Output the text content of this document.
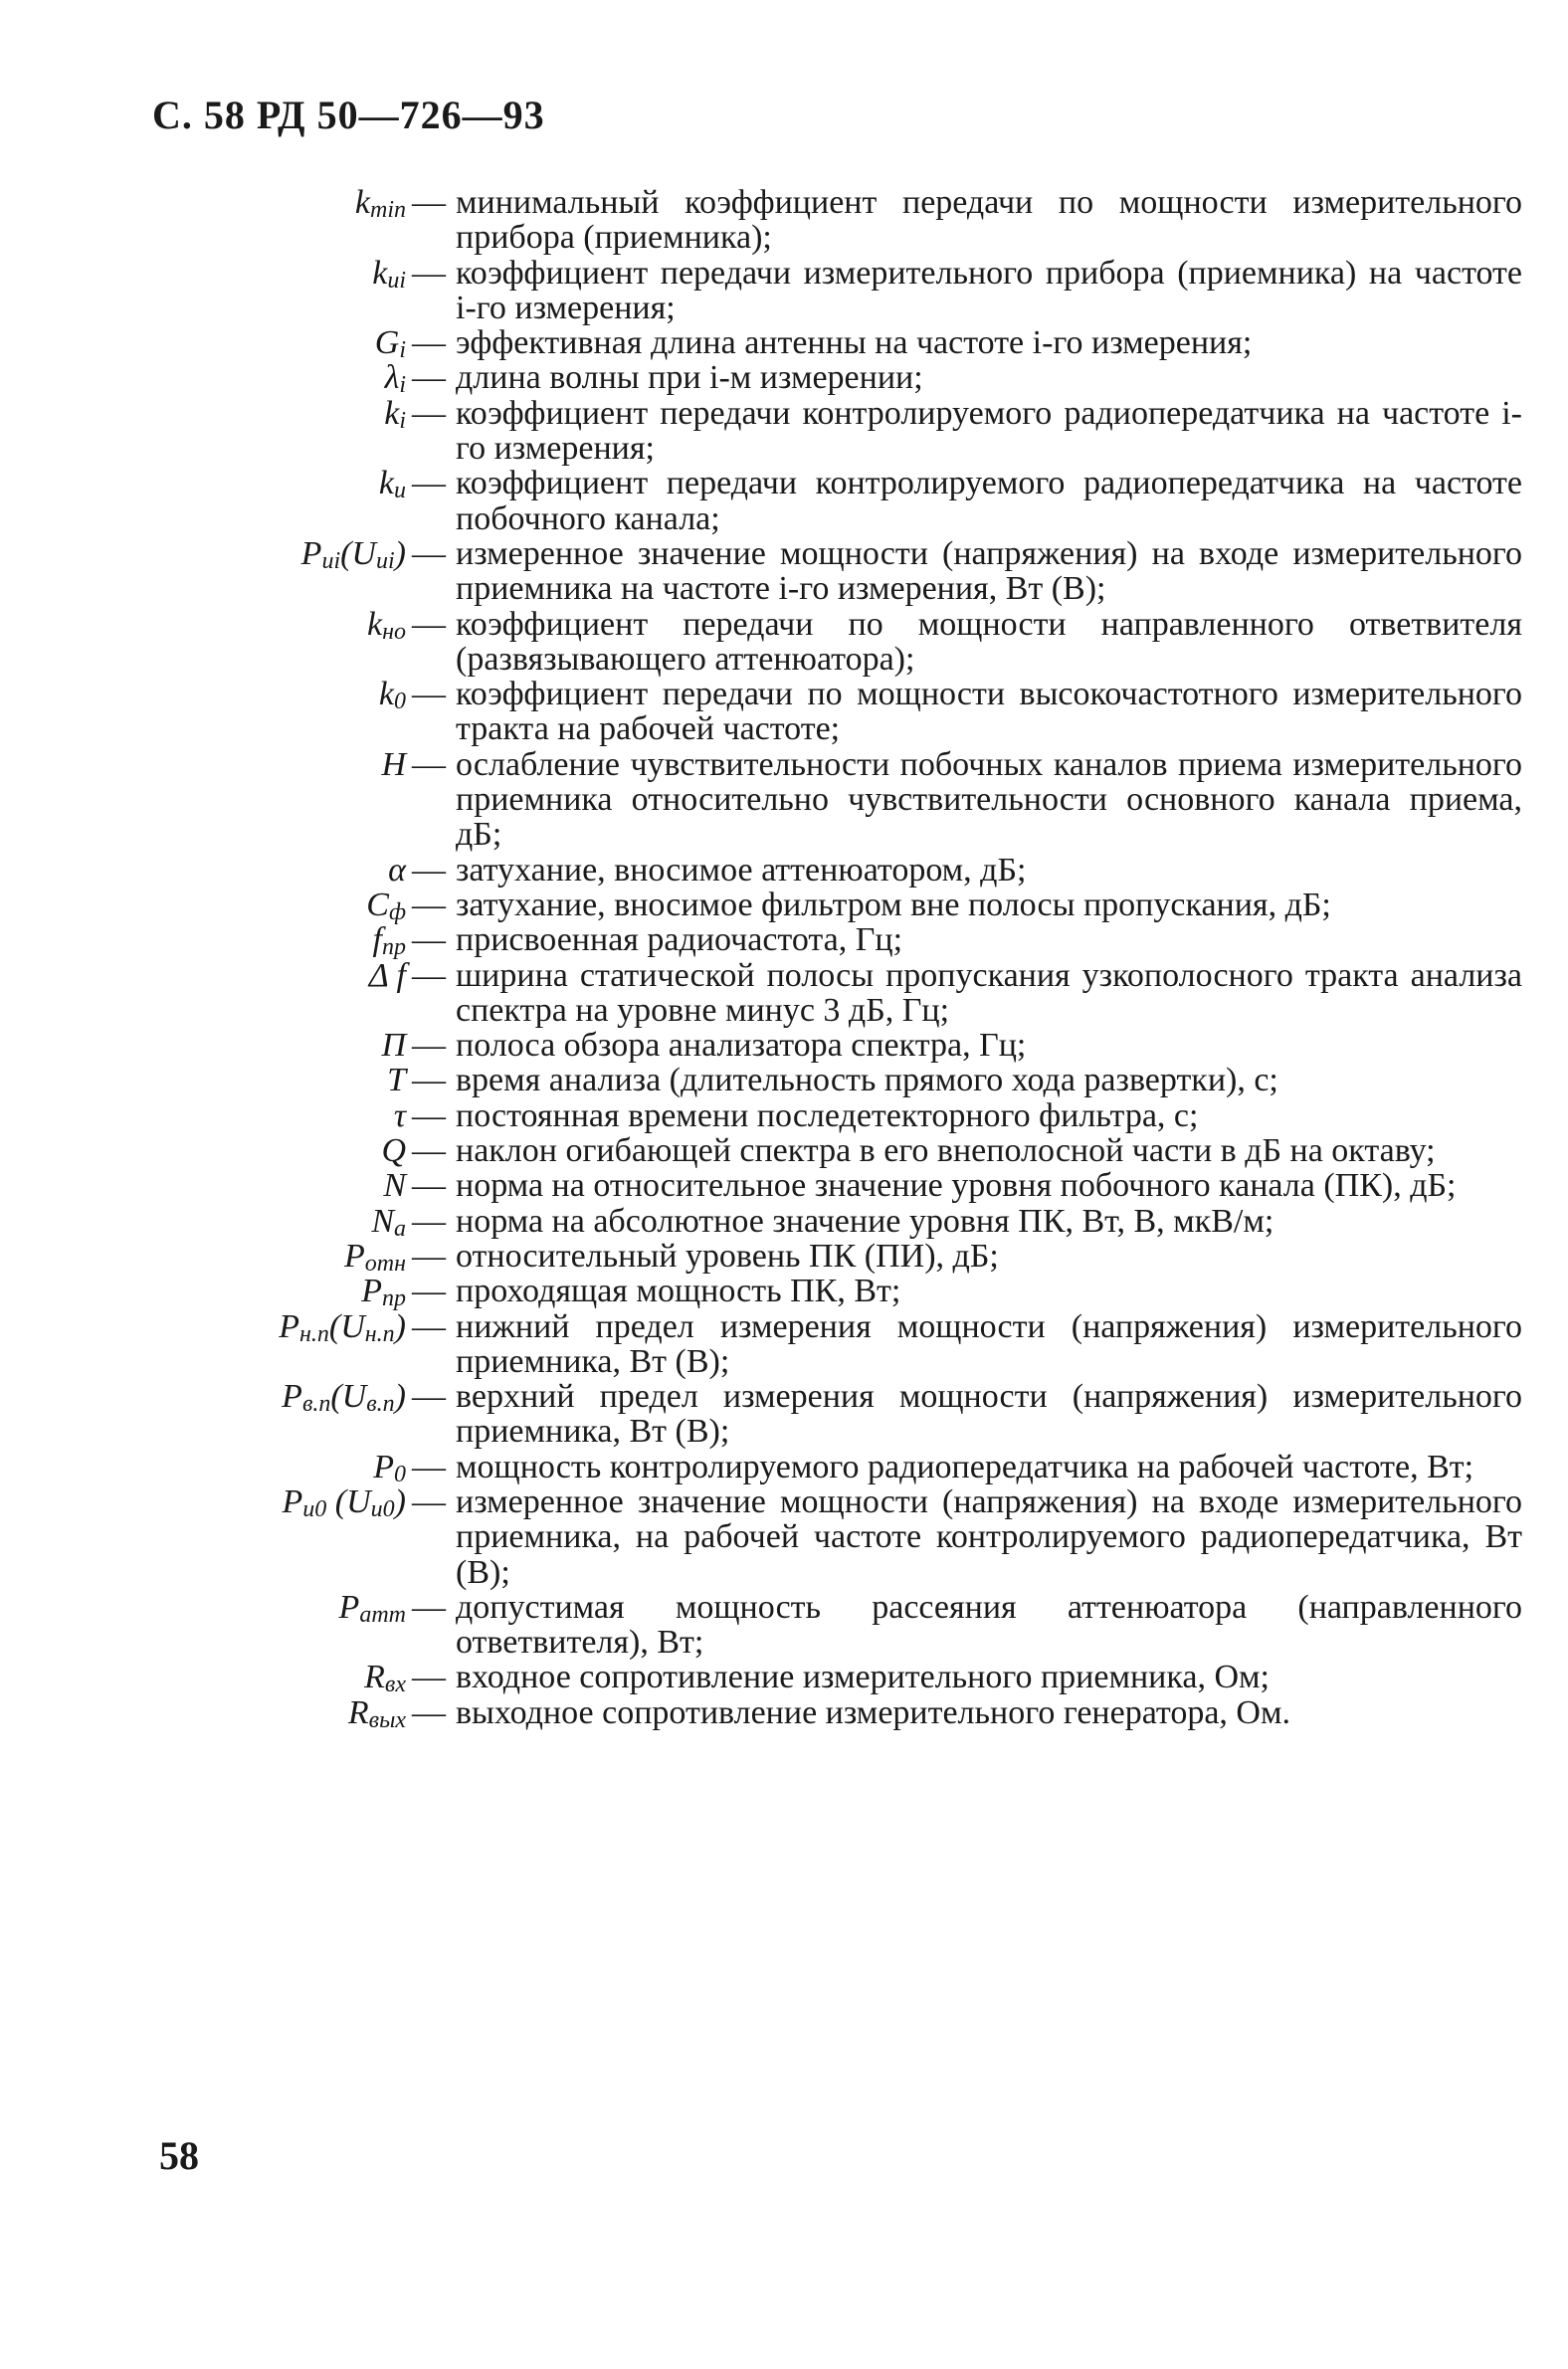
С. 58 РД 50—726—93
$k_{min}$ — минимальный коэффициент передачи по мощности измерительного прибора (приемника);
$k_{иi}$ — коэффициент передачи измерительного прибора (приемника) на частоте i-го измерения;
$G_i$ — эффективная длина антенны на частоте i-го измерения;
$\lambda_i$ — длина волны при i-м измерении;
$k_i$ — коэффициент передачи контролируемого радиопередатчика на частоте i-го измерения;
$k_и$ — коэффициент передачи контролируемого радиопередатчика на частоте побочного канала;
$P_{иi}(U_{иi})$ — измеренное значение мощности (напряжения) на входе измерительного приемника на частоте i-го измерения, Вт (В);
$k_{но}$ — коэффициент передачи по мощности направленного ответвителя (развязывающего аттенюатора);
$k_0$ — коэффициент передачи по мощности высокочастотного измерительного тракта на рабочей частоте;
H — ослабление чувствительности побочных каналов приема измерительного приемника относительно чувствительности основного канала приема, дБ;
α — затухание, вносимое аттенюатором, дБ;
$C_ф$ — затухание, вносимое фильтром вне полосы пропускания, дБ;
$f_{пр}$ — присвоенная радиочастота, Гц;
Δ f — ширина статической полосы пропускания узкополосного тракта анализа спектра на уровне минус 3 дБ, Гц;
П — полоса обзора анализатора спектра, Гц;
T — время анализа (длительность прямого хода развертки), с;
τ — постоянная времени последетекторного фильтра, с;
Q — наклон огибающей спектра в его внеполосной части в дБ на октаву;
N — норма на относительное значение уровня побочного канала (ПК), дБ;
$N_а$ — норма на абсолютное значение уровня ПК, Вт, В, мкВ/м;
$P_{отн}$ — относительный уровень ПК (ПИ), дБ;
$P_{пр}$ — проходящая мощность ПК, Вт;
$P_{н.п}(U_{н.п})$ — нижний предел измерения мощности (напряжения) измерительного приемника, Вт (В);
$P_{в.п}(U_{в.п})$ — верхний предел измерения мощности (напряжения) измерительного приемника, Вт (В);
$P_0$ — мощность контролируемого радиопередатчика на рабочей частоте, Вт;
$P_{и0}$ $(U_{и0})$ — измеренное значение мощности (напряжения) на входе измерительного приемника, на рабочей частоте контролируемого радиопередатчика, Вт (В);
$P_{атт}$ — допустимая мощность рассеяния аттенюатора (направленного ответвителя), Вт;
$R_{вх}$ — входное сопротивление измерительного приемника, Ом;
$R_{вых}$ — выходное сопротивление измерительного генератора, Ом.
58
